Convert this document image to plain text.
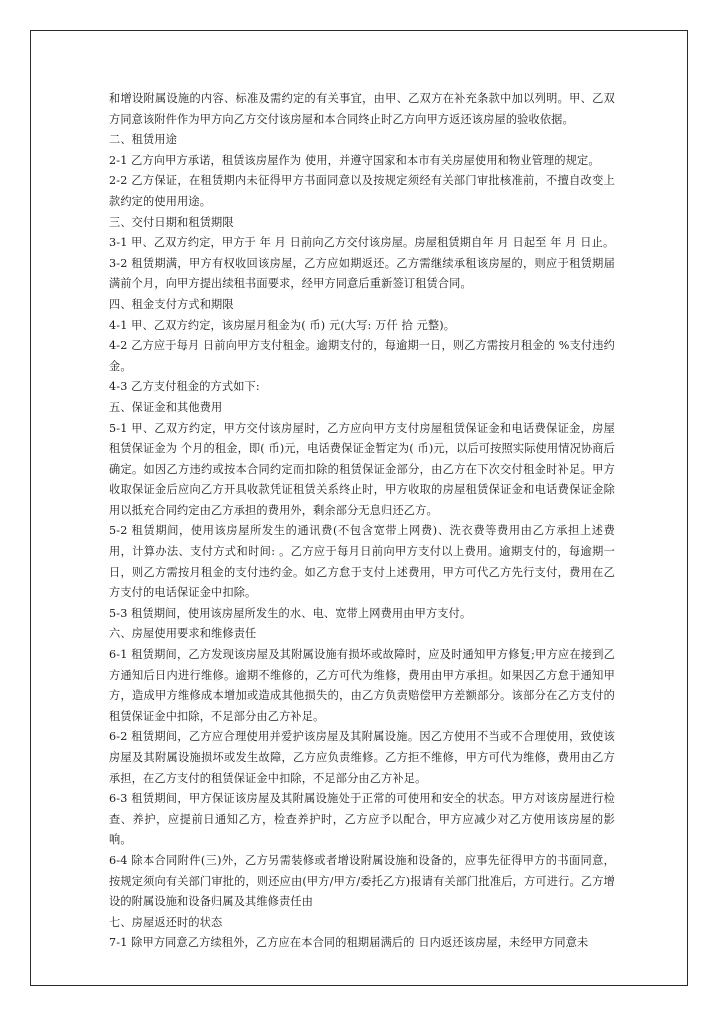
和增设附属设施的内容、标准及需约定的有关事宜，由甲、乙双方在补充条款中加以列明。甲、乙双方同意该附件作为甲方向乙方交付该房屋和本合同终止时乙方向甲方返还该房屋的验收依据。

二、租赁用途

2-1 乙方向甲方承诺，租赁该房屋作为 使用，并遵守国家和本市有关房屋使用和物业管理的规定。

2-2 乙方保证，在租赁期内未征得甲方书面同意以及按规定须经有关部门审批核准前，不擅自改变上款约定的使用用途。

三、交付日期和租赁期限

3-1 甲、乙双方约定，甲方于 年 月 日前向乙方交付该房屋。房屋租赁期自年 月 日起至 年 月 日止。

3-2 租赁期满，甲方有权收回该房屋，乙方应如期返还。乙方需继续承租该房屋的，则应于租赁期届满前个月，向甲方提出续租书面要求，经甲方同意后重新签订租赁合同。

四、租金支付方式和期限

4-1 甲、乙双方约定，该房屋月租金为( 币) 元(大写: 万仟 拾 元整)。

4-2 乙方应于每月 日前向甲方支付租金。逾期支付的，每逾期一日，则乙方需按月租金的 %支付违约金。

4-3 乙方支付租金的方式如下:

五、保证金和其他费用

5-1 甲、乙双方约定，甲方交付该房屋时，乙方应向甲方支付房屋租赁保证金和电话费保证金，房屋租赁保证金为 个月的租金，即( 币)元，电话费保证金暂定为( 币)元，以后可按照实际使用情况协商后确定。如因乙方违约或按本合同约定而扣除的租赁保证金部分，由乙方在下次交付租金时补足。甲方收取保证金后应向乙方开具收款凭证租赁关系终止时，甲方收取的房屋租赁保证金和电话费保证金除用以抵充合同约定由乙方承担的费用外，剩余部分无息归还乙方。

5-2 租赁期间，使用该房屋所发生的通讯费(不包含宽带上网费)、洗衣费等费用由乙方承担上述费用，计算办法、支付方式和时间: 。乙方应于每月日前向甲方支付以上费用。逾期支付的，每逾期一日，则乙方需按月租金的支付违约金。如乙方怠于支付上述费用，甲方可代乙方先行支付，费用在乙方支付的电话保证金中扣除。

5-3 租赁期间，使用该房屋所发生的水、电、宽带上网费用由甲方支付。

六、房屋使用要求和维修责任

6-1 租赁期间，乙方发现该房屋及其附属设施有损坏或故障时，应及时通知甲方修复;甲方应在接到乙方通知后日内进行维修。逾期不维修的，乙方可代为维修，费用由甲方承担。如果因乙方怠于通知甲方，造成甲方维修成本增加或造成其他损失的，由乙方负责赔偿甲方差额部分。该部分在乙方支付的租赁保证金中扣除，不足部分由乙方补足。

6-2 租赁期间，乙方应合理使用并爱护该房屋及其附属设施。因乙方使用不当或不合理使用，致使该房屋及其附属设施损坏或发生故障，乙方应负责维修。乙方拒不维修，甲方可代为维修，费用由乙方承担，在乙方支付的租赁保证金中扣除，不足部分由乙方补足。

6-3 租赁期间，甲方保证该房屋及其附属设施处于正常的可使用和安全的状态。甲方对该房屋进行检查、养护，应提前日通知乙方，检查养护时，乙方应予以配合，甲方应减少对乙方使用该房屋的影响。

6-4 除本合同附件(三)外，乙方另需装修或者增设附属设施和设备的，应事先征得甲方的书面同意，按规定须向有关部门审批的，则还应由(甲方/甲方/委托乙方)报请有关部门批准后，方可进行。乙方增设的附属设施和设备归属及其维修责任由

七、房屋返还时的状态

7-1 除甲方同意乙方续租外，乙方应在本合同的租期届满后的 日内返还该房屋，未经甲方同意未
